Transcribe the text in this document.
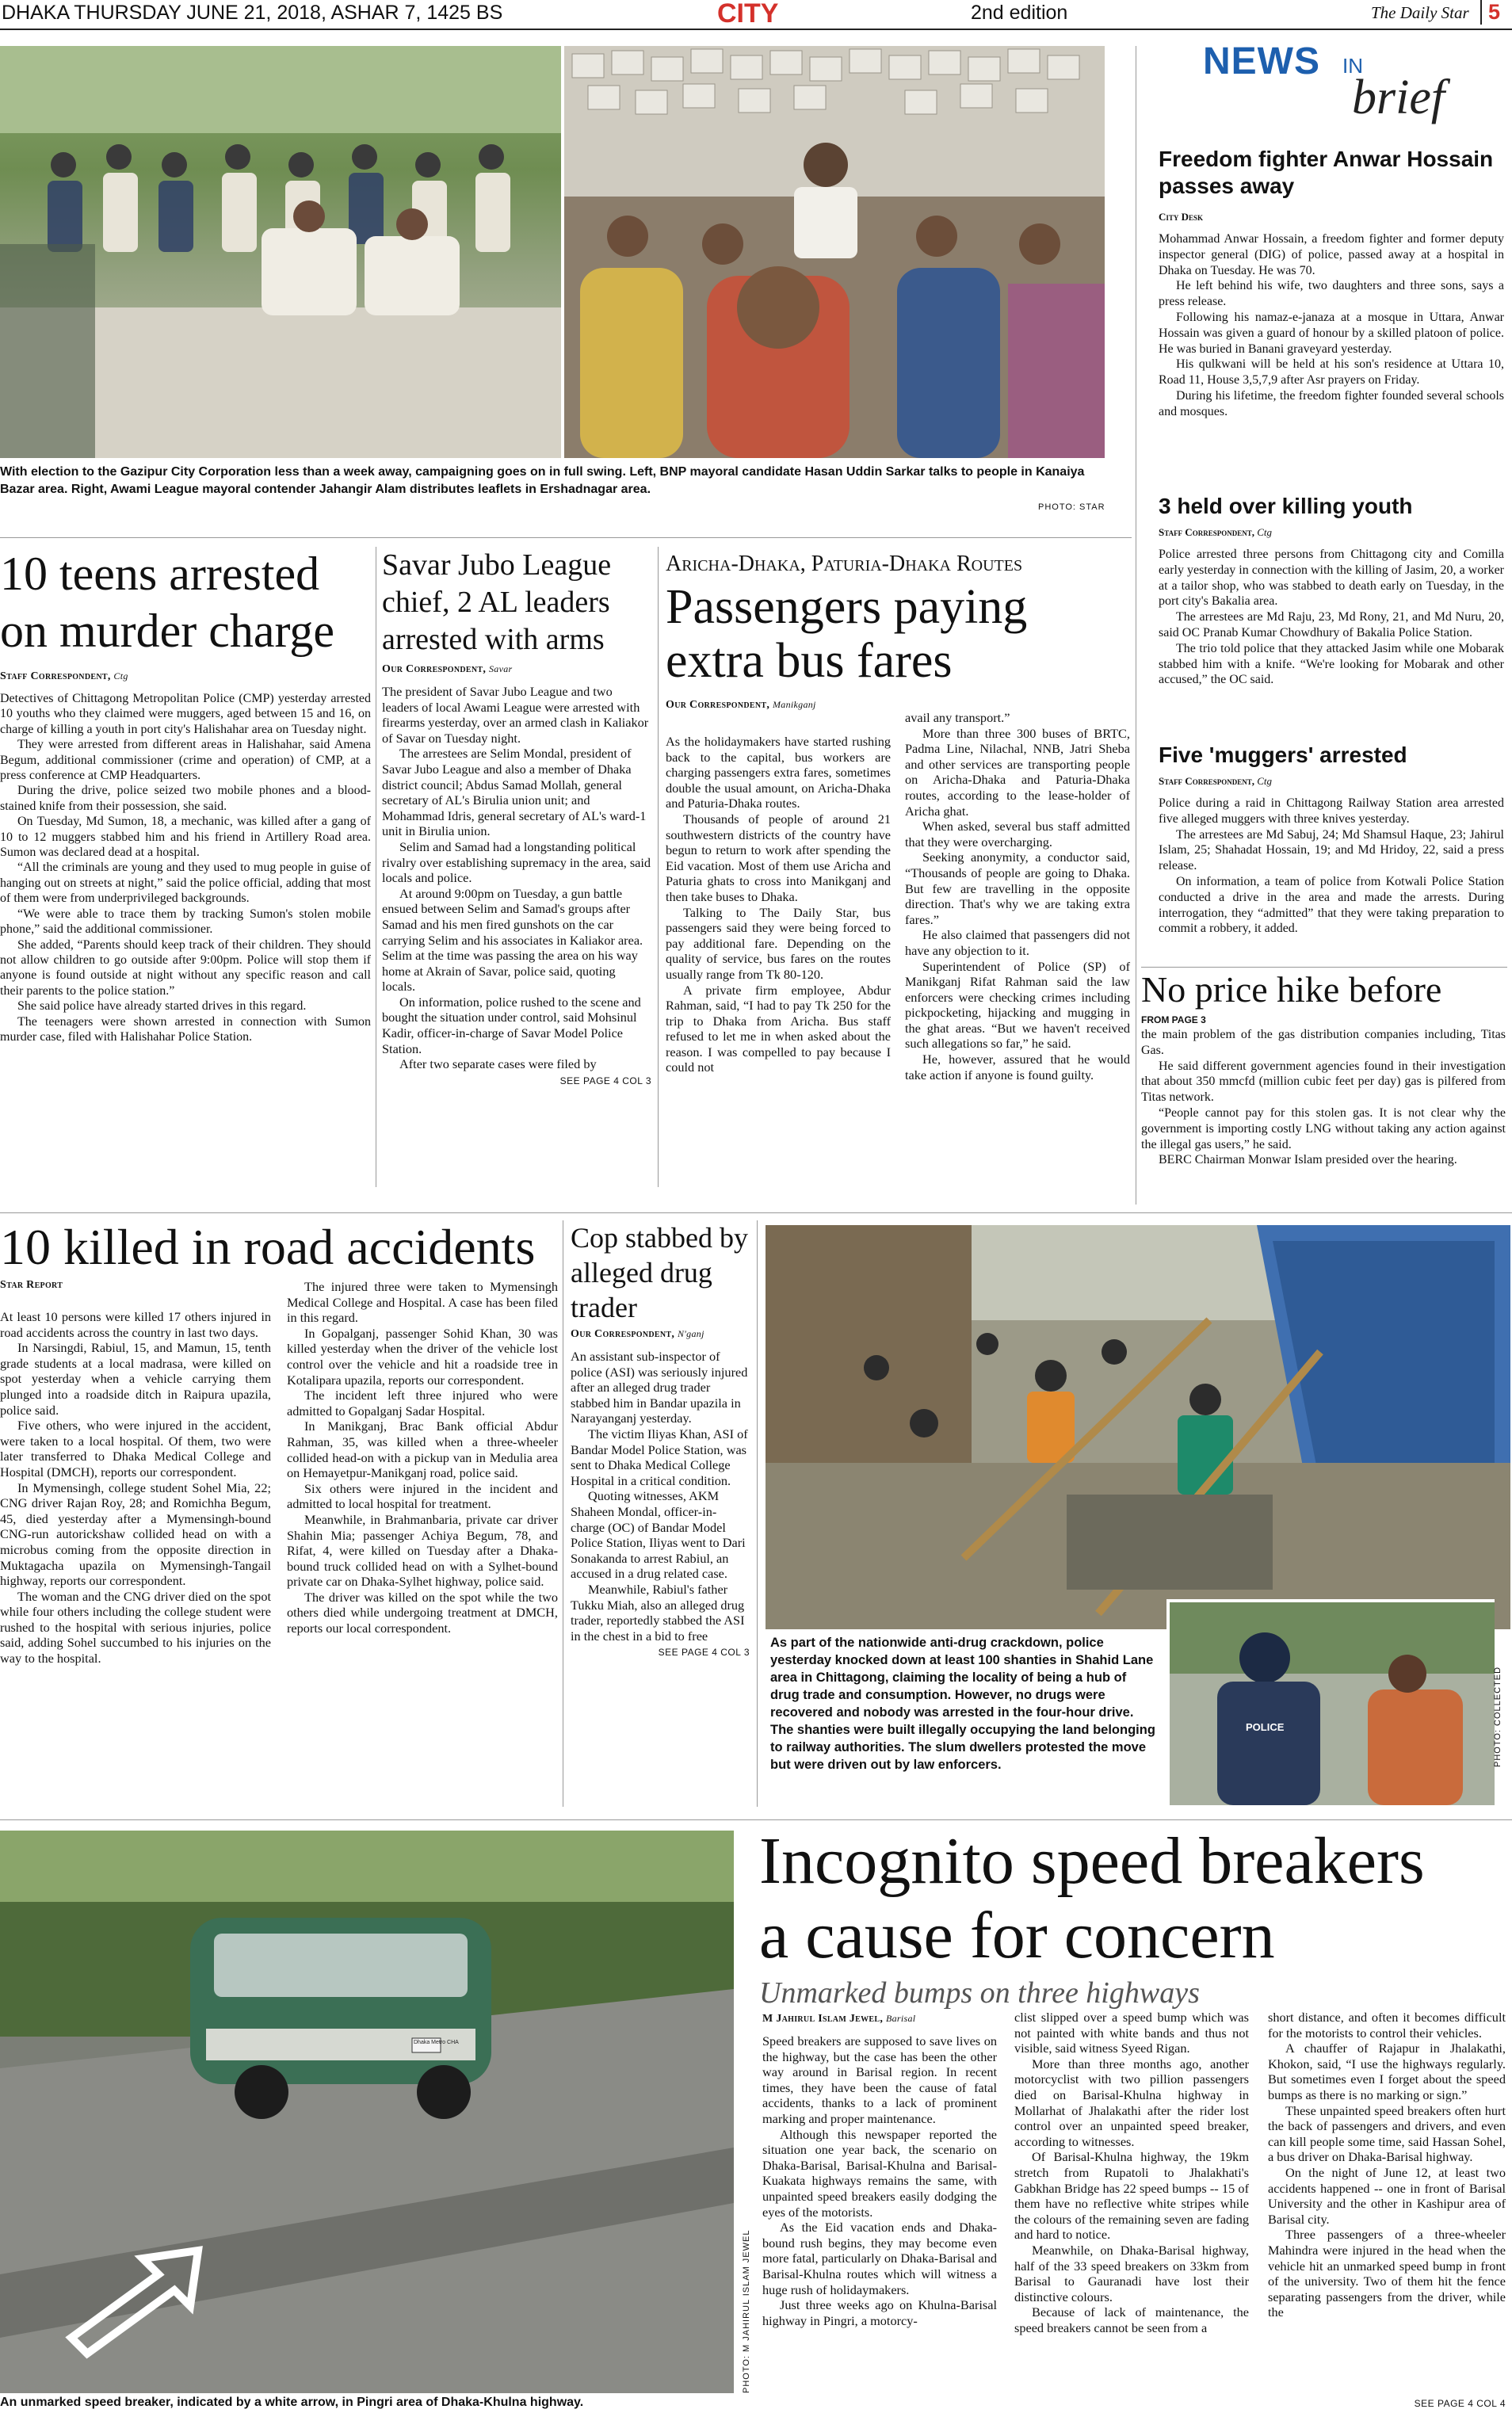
DHAKA THURSDAY JUNE 21, 2018, ASHAR 7, 1425 BS	CITY	2nd edition	The Daily Star 5
With election to the Gazipur City Corporation less than a week away, campaigning goes on in full swing. Left, BNP mayoral candidate Hasan Uddin Sarkar talks to people in Kanaiya Bazar area. Right, Awami League mayoral contender Jahangir Alam distributes leaflets in Ershadnagar area.
PHOTO: STAR
NEWS IN
brief
Freedom fighter Anwar Hossain passes away
City Desk

Mohammad Anwar Hossain, a freedom fighter and former deputy inspector general (DIG) of police, passed away at a hospital in Dhaka on Tuesday. He was 70.

He left behind his wife, two daughters and three sons, says a press release.

Following his namaz-e-janaza at a mosque in Uttara, Anwar Hossain was given a guard of honour by a skilled platoon of police. He was buried in Banani graveyard yesterday.

His qulkwani will be held at his son's residence at Uttara 10, Road 11, House 3,5,7,9 after Asr prayers on Friday.

During his lifetime, the freedom fighter founded several schools and mosques.

3 held over killing youth
Staff Correspondent, Ctg

Police arrested three persons from Chittagong city and Comilla early yesterday in connection with the killing of Jasim, 20, a worker at a tailor shop, who was stabbed to death early on Tuesday, in the port city's Bakalia area.

The arrestees are Md Raju, 23, Md Rony, 21, and Md Nuru, 20, said OC Pranab Kumar Chowdhury of Bakalia Police Station.

The trio told police that they attacked Jasim while one Mobarak stabbed him with a knife. “We're looking for Mobarak and other accused,” the OC said.

Five 'muggers' arrested
Staff Correspondent, Ctg

Police during a raid in Chittagong Railway Station area arrested five alleged muggers with three knives yesterday.

The arrestees are Md Sabuj, 24; Md Shamsul Haque, 23; Jahirul Islam, 25; Shahadat Hossain, 19; and Md Hridoy, 22, said a press release.

On information, a team of police from Kotwali Police Station conducted a drive in the area and made the arrests. During interrogation, they “admitted” that they were taking preparation to commit a robbery, it added.

No price hike before
FROM PAGE 3

the main problem of the gas distribution companies including, Titas Gas.

He said different government agencies found in their investigation that about 350 mmcfd (million cubic feet per day) gas is pilfered from Titas network.

“People cannot pay for this stolen gas. It is not clear why the government is importing costly LNG without taking any action against the illegal gas users,” he said.

BERC Chairman Monwar Islam presided over the hearing.

10 teens arrested on murder charge
Staff Correspondent, Ctg

Detectives of Chittagong Metropolitan Police (CMP) yesterday arrested 10 youths who they claimed were muggers, aged between 15 and 16, on charge of killing a youth in port city's Halishahar area on Tuesday night.

They were arrested from different areas in Halishahar, said Amena Begum, additional commissioner (crime and operation) of CMP, at a press conference at CMP Headquarters.

During the drive, police seized two mobile phones and a blood-stained knife from their possession, she said.

On Tuesday, Md Sumon, 18, a mechanic, was killed after a gang of 10 to 12 muggers stabbed him and his friend in Artillery Road area. Sumon was declared dead at a hospital.

“All the criminals are young and they used to mug people in guise of hanging out on streets at night,” said the police official, adding that most of them were from underprivileged backgrounds.

“We were able to trace them by tracking Sumon's stolen mobile phone,” said the additional commissioner.

She added, “Parents should keep track of their children. They should not allow children to go outside after 9:00pm. Police will stop them if anyone is found outside at night without any specific reason and call their parents to the police station.”

She said police have already started drives in this regard.

The teenagers were shown arrested in connection with Sumon murder case, filed with Halishahar Police Station.

Savar Jubo League chief, 2 AL leaders arrested with arms
Our Correspondent, Savar

The president of Savar Jubo League and two leaders of local Awami League were arrested with firearms yesterday, over an armed clash in Kaliakor of Savar on Tuesday night.

The arrestees are Selim Mondal, president of Savar Jubo League and also a member of Dhaka district council; Abdus Samad Mollah, general secretary of AL's Birulia union unit; and Mohammad Idris, general secretary of AL's ward-1 unit in Birulia union.

Selim and Samad had a longstanding political rivalry over establishing supremacy in the area, said locals and police.

At around 9:00pm on Tuesday, a gun battle ensued between Selim and Samad's groups after Samad and his men fired gunshots on the car carrying Selim and his associates in Kaliakor area. Selim at the time was passing the area on his way home at Akrain of Savar, police said, quoting locals.

On information, police rushed to the scene and bought the situation under control, said Mohsinul Kadir, officer-in-charge of Savar Model Police Station.

After two separate cases were filed by

SEE PAGE 4 COL 3
Aricha-Dhaka, Paturia-Dhaka Routes
Passengers paying extra bus fares
Our Correspondent, Manikganj

As the holidaymakers have started rushing back to the capital, bus workers are charging passengers extra fares, sometimes double the usual amount, on Aricha-Dhaka and Paturia-Dhaka routes.

Thousands of people of around 21 southwestern districts of the country have begun to return to work after spending the Eid vacation. Most of them use Aricha and Paturia ghats to cross into Manikganj and then take buses to Dhaka.

Talking to The Daily Star, bus passengers said they were being forced to pay additional fare. Depending on the quality of service, bus fares on the routes usually range from Tk 80-120.

A private firm employee, Abdur Rahman, said, “I had to pay Tk 250 for the trip to Dhaka from Aricha. Bus staff refused to let me in when asked about the reason. I was compelled to pay because I could not

avail any transport.”

More than three 300 buses of BRTC, Padma Line, Nilachal, NNB, Jatri Sheba and other services are transporting people on Aricha-Dhaka and Paturia-Dhaka routes, according to the lease-holder of Aricha ghat.

When asked, several bus staff admitted that they were overcharging.

Seeking anonymity, a conductor said, “Thousands of people are going to Dhaka. But few are travelling in the opposite direction. That's why we are taking extra fares.”

He also claimed that passengers did not have any objection to it.

Superintendent of Police (SP) of Manikganj Rifat Rahman said the law enforcers were checking crimes including pickpocketing, hijacking and mugging in the ghat areas. “But we haven't received such allegations so far,” he said.

He, however, assured that he would take action if anyone is found guilty.

10 killed in road accidents
Star Report

At least 10 persons were killed 17 others injured in road accidents across the country in last two days.

In Narsingdi, Rabiul, 15, and Mamun, 15, tenth grade students at a local madrasa, were killed on spot yesterday when a vehicle carrying them plunged into a roadside ditch in Raipura upazila, police said.

Five others, who were injured in the accident, were taken to a local hospital. Of them, two were later transferred to Dhaka Medical College and Hospital (DMCH), reports our correspondent.

In Mymensingh, college student Sohel Mia, 22; CNG driver Rajan Roy, 28; and Romichha Begum, 45, died yesterday after a Mymensingh-bound CNG-run autorickshaw collided head on with a microbus coming from the opposite direction in Muktagacha upazila on Mymensingh-Tangail highway, reports our correspondent.

The woman and the CNG driver died on the spot while four others including the college student were rushed to the hospital with serious injuries, police said, adding Sohel succumbed to his injuries on the way to the hospital.

The injured three were taken to Mymensingh Medical College and Hospital. A case has been filed in this regard.

In Gopalganj, passenger Sohid Khan, 30 was killed yesterday when the driver of the vehicle lost control over the vehicle and hit a roadside tree in Kotalipara upazila, reports our correspondent.

The incident left three injured who were admitted to Gopalganj Sadar Hospital.

In Manikganj, Brac Bank official Abdur Rahman, 35, was killed when a three-wheeler collided head-on with a pickup van in Medulia area on Hemayetpur-Manikganj road, police said.

Six others were injured in the incident and admitted to local hospital for treatment.

Meanwhile, in Brahmanbaria, private car driver Shahin Mia; passenger Achiya Begum, 78, and Rifat, 4, were killed on Tuesday after a Dhaka-bound truck collided head on with a Sylhet-bound private car on Dhaka-Sylhet highway, police said.

The driver was killed on the spot while the two others died while undergoing treatment at DMCH, reports our local correspondent.

Cop stabbed by alleged drug trader
Our Correspondent, N'ganj

An assistant sub-inspector of police (ASI) was seriously injured after an alleged drug trader stabbed him in Bandar upazila in Narayanganj yesterday.

The victim Iliyas Khan, ASI of Bandar Model Police Station, was sent to Dhaka Medical College Hospital in a critical condition.

Quoting witnesses, AKM Shaheen Mondal, officer-in-charge (OC) of Bandar Model Police Station, Iliyas went to Dari Sonakanda to arrest Rabiul, an accused in a drug related case.

Meanwhile, Rabiul's father Tukku Miah, also an alleged drug trader, reportedly stabbed the ASI in the chest in a bid to free

SEE PAGE 4 COL 3
As part of the nationwide anti-drug crackdown, police yesterday knocked down at least 100 shanties in Shahid Lane area in Chittagong, claiming the locality of being a hub of drug trade and consumption. However, no drugs were recovered and nobody was arrested in the four-hour drive. The shanties were built illegally occupying the land belonging to railway authorities. The slum dwellers protested the move but were driven out by law enforcers.
POLICE	PHOTO: COLLECTED
Dhaka Metro CHA
An unmarked speed breaker, indicated by a white arrow, in Pingri area of Dhaka-Khulna highway.
PHOTO: M JAHIRUL ISLAM JEWEL
Incognito speed breakers
a cause for concern
Unmarked bumps on three highways
M Jahirul Islam Jewel, Barisal

Speed breakers are supposed to save lives on the highway, but the case has been the other way around in Barisal region. In recent times, they have been the cause of fatal accidents, thanks to a lack of prominent marking and proper maintenance.

Although this newspaper reported the situation one year back, the scenario on Dhaka-Barisal, Barisal-Khulna and Barisal-Kuakata highways remains the same, with unpainted speed breakers easily dodging the eyes of the motorists.

As the Eid vacation ends and Dhaka-bound rush begins, they may become even more fatal, particularly on Dhaka-Barisal and Barisal-Khulna routes which will witness a huge rush of holidaymakers.

Just three weeks ago on Khulna-Barisal highway in Pingri, a motorcy-

clist slipped over a speed bump which was not painted with white bands and thus not visible, said witness Syeed Rigan.

More than three months ago, another motorcyclist with two pillion passengers died on Barisal-Khulna highway in Mollarhat of Jhalakathi after the rider lost control over an unpainted speed breaker, according to witnesses.

Of Barisal-Khulna highway, the 19km stretch from Rupatoli to Jhalakhati's Gabkhan Bridge has 22 speed bumps -- 15 of them have no reflective white stripes while the colours of the remaining seven are fading and hard to notice.

Meanwhile, on Dhaka-Barisal highway, half of the 33 speed breakers on 33km from Barisal to Gauranadi have lost their distinctive colours.

Because of lack of maintenance, the speed breakers cannot be seen from a

short distance, and often it becomes difficult for the motorists to control their vehicles.

A chauffer of Rajapur in Jhalakathi, Khokon, said, “I use the highways regularly. But sometimes even I forget about the speed bumps as there is no marking or sign.”

These unpainted speed breakers often hurt the back of passengers and drivers, and even can kill people some time, said Hassan Sohel, a bus driver on Dhaka-Barisal highway.

On the night of June 12, at least two accidents happened -- one in front of Barisal University and the other in Kashipur area of Barisal city.

Three passengers of a three-wheeler Mahindra were injured in the head when the vehicle hit an unmarked speed bump in front of the university. Two of them hit the fence separating passengers from the driver, while the

SEE PAGE 4 COL 4
